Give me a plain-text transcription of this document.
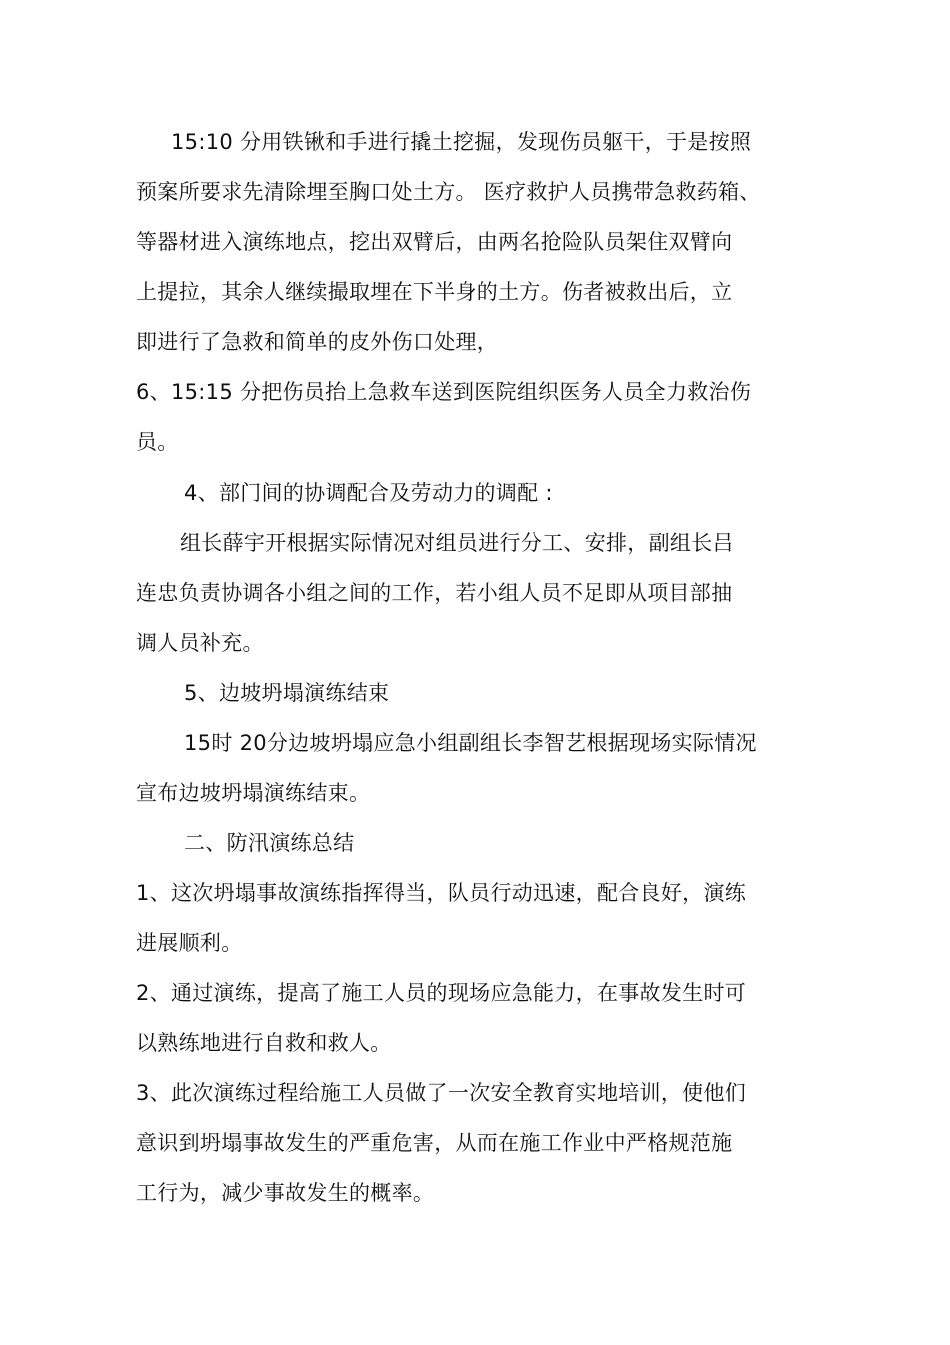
15:10 分用铁锹和手进行撬土挖掘，发现伤员躯干，于是按照
预案所要求先清除埋至胸口处土方。 医疗救护人员携带急救药箱、
等器材进入演练地点，挖出双臂后，由两名抢险队员架住双臂向
上提拉，其余人继续撮取埋在下半身的土方。伤者被救出后，立
即进行了急救和简单的皮外伤口处理，
6、15:15 分把伤员抬上急救车送到医院组织医务人员全力救治伤
员。
4、部门间的协调配合及劳动力的调配 :
组长薛宇开根据实际情况对组员进行分工、安排，副组长吕
连忠负责协调各小组之间的工作，若小组人员不足即从项目部抽
调人员补充。
5、边坡坍塌演练结束
15时 20分边坡坍塌应急小组副组长李智艺根据现场实际情况
宣布边坡坍塌演练结束。
二、防汛演练总结
1、这次坍塌事故演练指挥得当，队员行动迅速，配合良好，演练
进展顺利。
2、通过演练，提高了施工人员的现场应急能力，在事故发生时可
以熟练地进行自救和救人。
3、此次演练过程给施工人员做了一次安全教育实地培训，使他们
意识到坍塌事故发生的严重危害，从而在施工作业中严格规范施
工行为，减少事故发生的概率。
